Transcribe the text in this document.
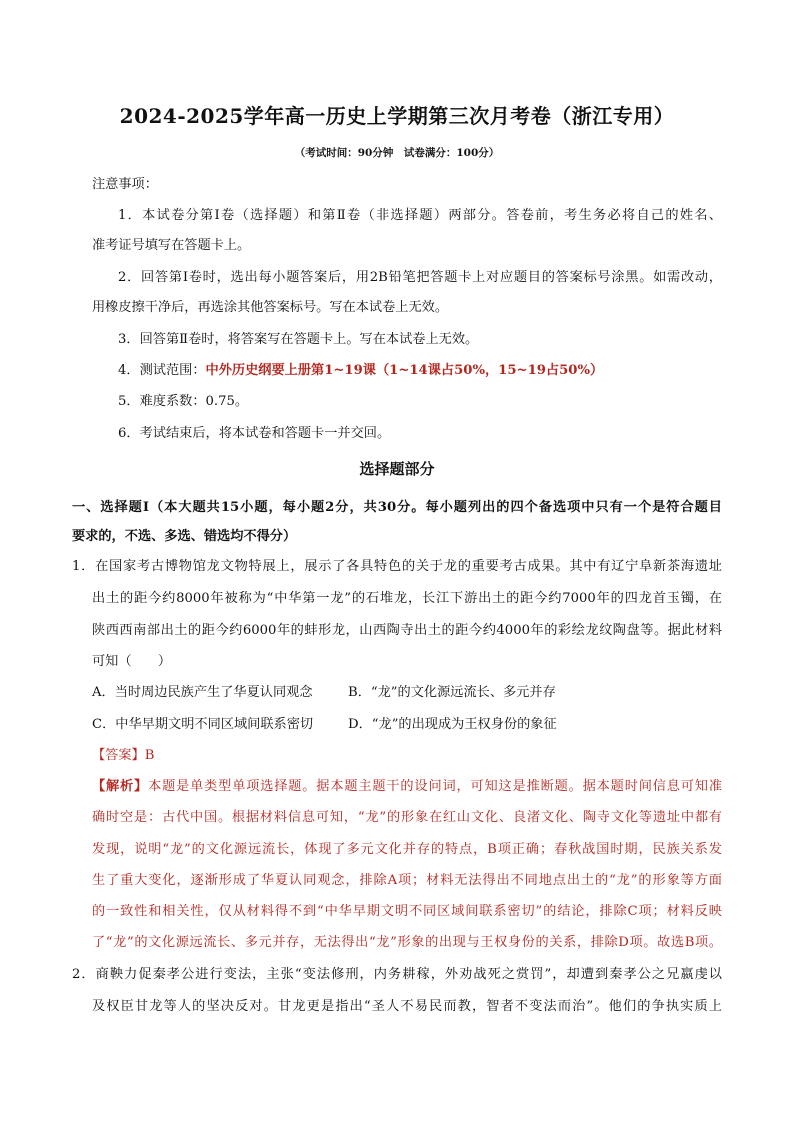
2024-2025学年高一历史上学期第三次月考卷（浙江专用）
（考试时间：90分钟　试卷满分：100分）
注意事项：
1．本试卷分第Ⅰ卷（选择题）和第Ⅱ卷（非选择题）两部分。答卷前，考生务必将自己的姓名、
准考证号填写在答题卡上。
2．回答第Ⅰ卷时，选出每小题答案后，用2B铅笔把答题卡上对应题目的答案标号涂黑。如需改动，
用橡皮擦干净后，再选涂其他答案标号。写在本试卷上无效。
3．回答第Ⅱ卷时，将答案写在答题卡上。写在本试卷上无效。
4．测试范围：中外历史纲要上册第1~19课（1~14课占50%，15~19占50%）
5．难度系数：0.75。
6．考试结束后，将本试卷和答题卡一并交回。
选择题部分
一、选择题Ⅰ（本大题共15小题，每小题2分，共30分。每小题列出的四个备选项中只有一个是符合题目
要求的，不选、多选、错选均不得分）
1．在国家考古博物馆龙文物特展上，展示了各具特色的关于龙的重要考古成果。其中有辽宁阜新茶海遗址
出土的距今约8000年被称为“中华第一龙”的石堆龙，长江下游出土的距今约7000年的四龙首玉镯，在
陕西西南部出土的距今约6000年的蚌形龙，山西陶寺出土的距今约4000年的彩绘龙纹陶盘等。据此材料
可知（　　）
A．当时周边民族产生了华夏认同观念	B．“龙”的文化源远流长、多元并存
C．中华早期文明不同区域间联系密切	D．“龙”的出现成为王权身份的象征
【答案】B
【解析】本题是单类型单项选择题。据本题主题干的设问词，可知这是推断题。据本题时间信息可知准
确时空是：古代中国。根据材料信息可知，“龙”的形象在红山文化、良渚文化、陶寺文化等遗址中都有
发现，说明“龙”的文化源远流长，体现了多元文化并存的特点，B项正确；春秋战国时期，民族关系发
生了重大变化，逐渐形成了华夏认同观念，排除A项；材料无法得出不同地点出土的“龙”的形象等方面
的一致性和相关性，仅从材料得不到“中华早期文明不同区域间联系密切”的结论，排除C项；材料反映
了“龙”的文化源远流长、多元并存，无法得出“龙”形象的出现与王权身份的关系，排除D项。故选B项。
2．商鞅力促秦孝公进行变法，主张“变法修刑，内务耕稼，外劝战死之赏罚”，却遭到秦孝公之兄嬴虔以
及权臣甘龙等人的坚决反对。甘龙更是指出“圣人不易民而教，智者不变法而治”。他们的争执实质上
